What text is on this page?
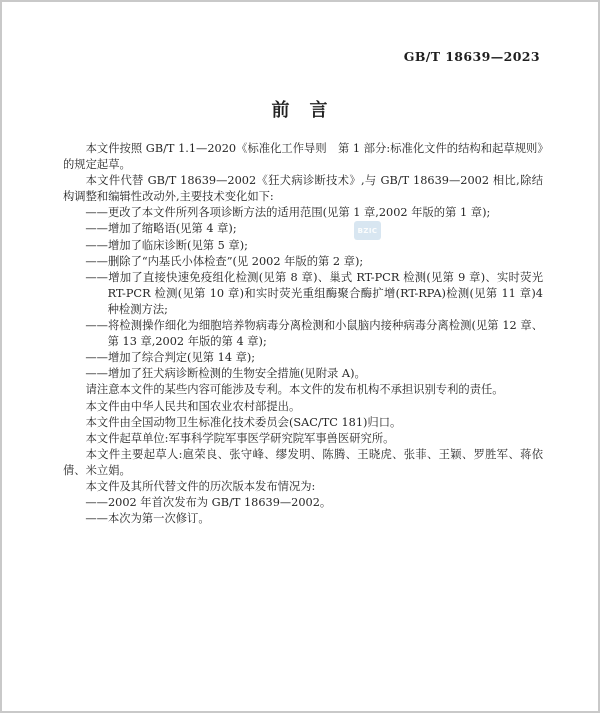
GB/T 18639—2023
前　言
BZIC

本文件按照 GB/T 1.1—2020《标准化工作导则　第 1 部分:标准化文件的结构和起草规则》的规定起草。

本文件代替 GB/T 18639—2002《狂犬病诊断技术》,与 GB/T 18639—2002 相比,除结构调整和编辑性改动外,主要技术变化如下:

——更改了本文件所列各项诊断方法的适用范围(见第 1 章,2002 年版的第 1 章);

——增加了缩略语(见第 4 章);

——增加了临床诊断(见第 5 章);

——删除了“内基氏小体检查”(见 2002 年版的第 2 章);

——增加了直接快速免疫组化检测(见第 8 章)、巢式 RT-PCR 检测(见第 9 章)、实时荧光 RT-PCR 检测(见第 10 章)和实时荧光重组酶聚合酶扩增(RT-RPA)检测(见第 11 章)4 种检测方法;

——将检测操作细化为细胞培养物病毒分离检测和小鼠脑内接种病毒分离检测(见第 12 章、第 13 章,2002 年版的第 4 章);

——增加了综合判定(见第 14 章);

——增加了狂犬病诊断检测的生物安全措施(见附录 A)。

请注意本文件的某些内容可能涉及专利。本文件的发布机构不承担识别专利的责任。

本文件由中华人民共和国农业农村部提出。

本文件由全国动物卫生标准化技术委员会(SAC/TC 181)归口。

本文件起草单位:军事科学院军事医学研究院军事兽医研究所。

本文件主要起草人:扈荣良、张守峰、缪发明、陈腾、王晓虎、张菲、王颖、罗胜军、蒋依倩、米立娟。

本文件及其所代替文件的历次版本发布情况为:

——2002 年首次发布为 GB/T 18639—2002。

——本次为第一次修订。
